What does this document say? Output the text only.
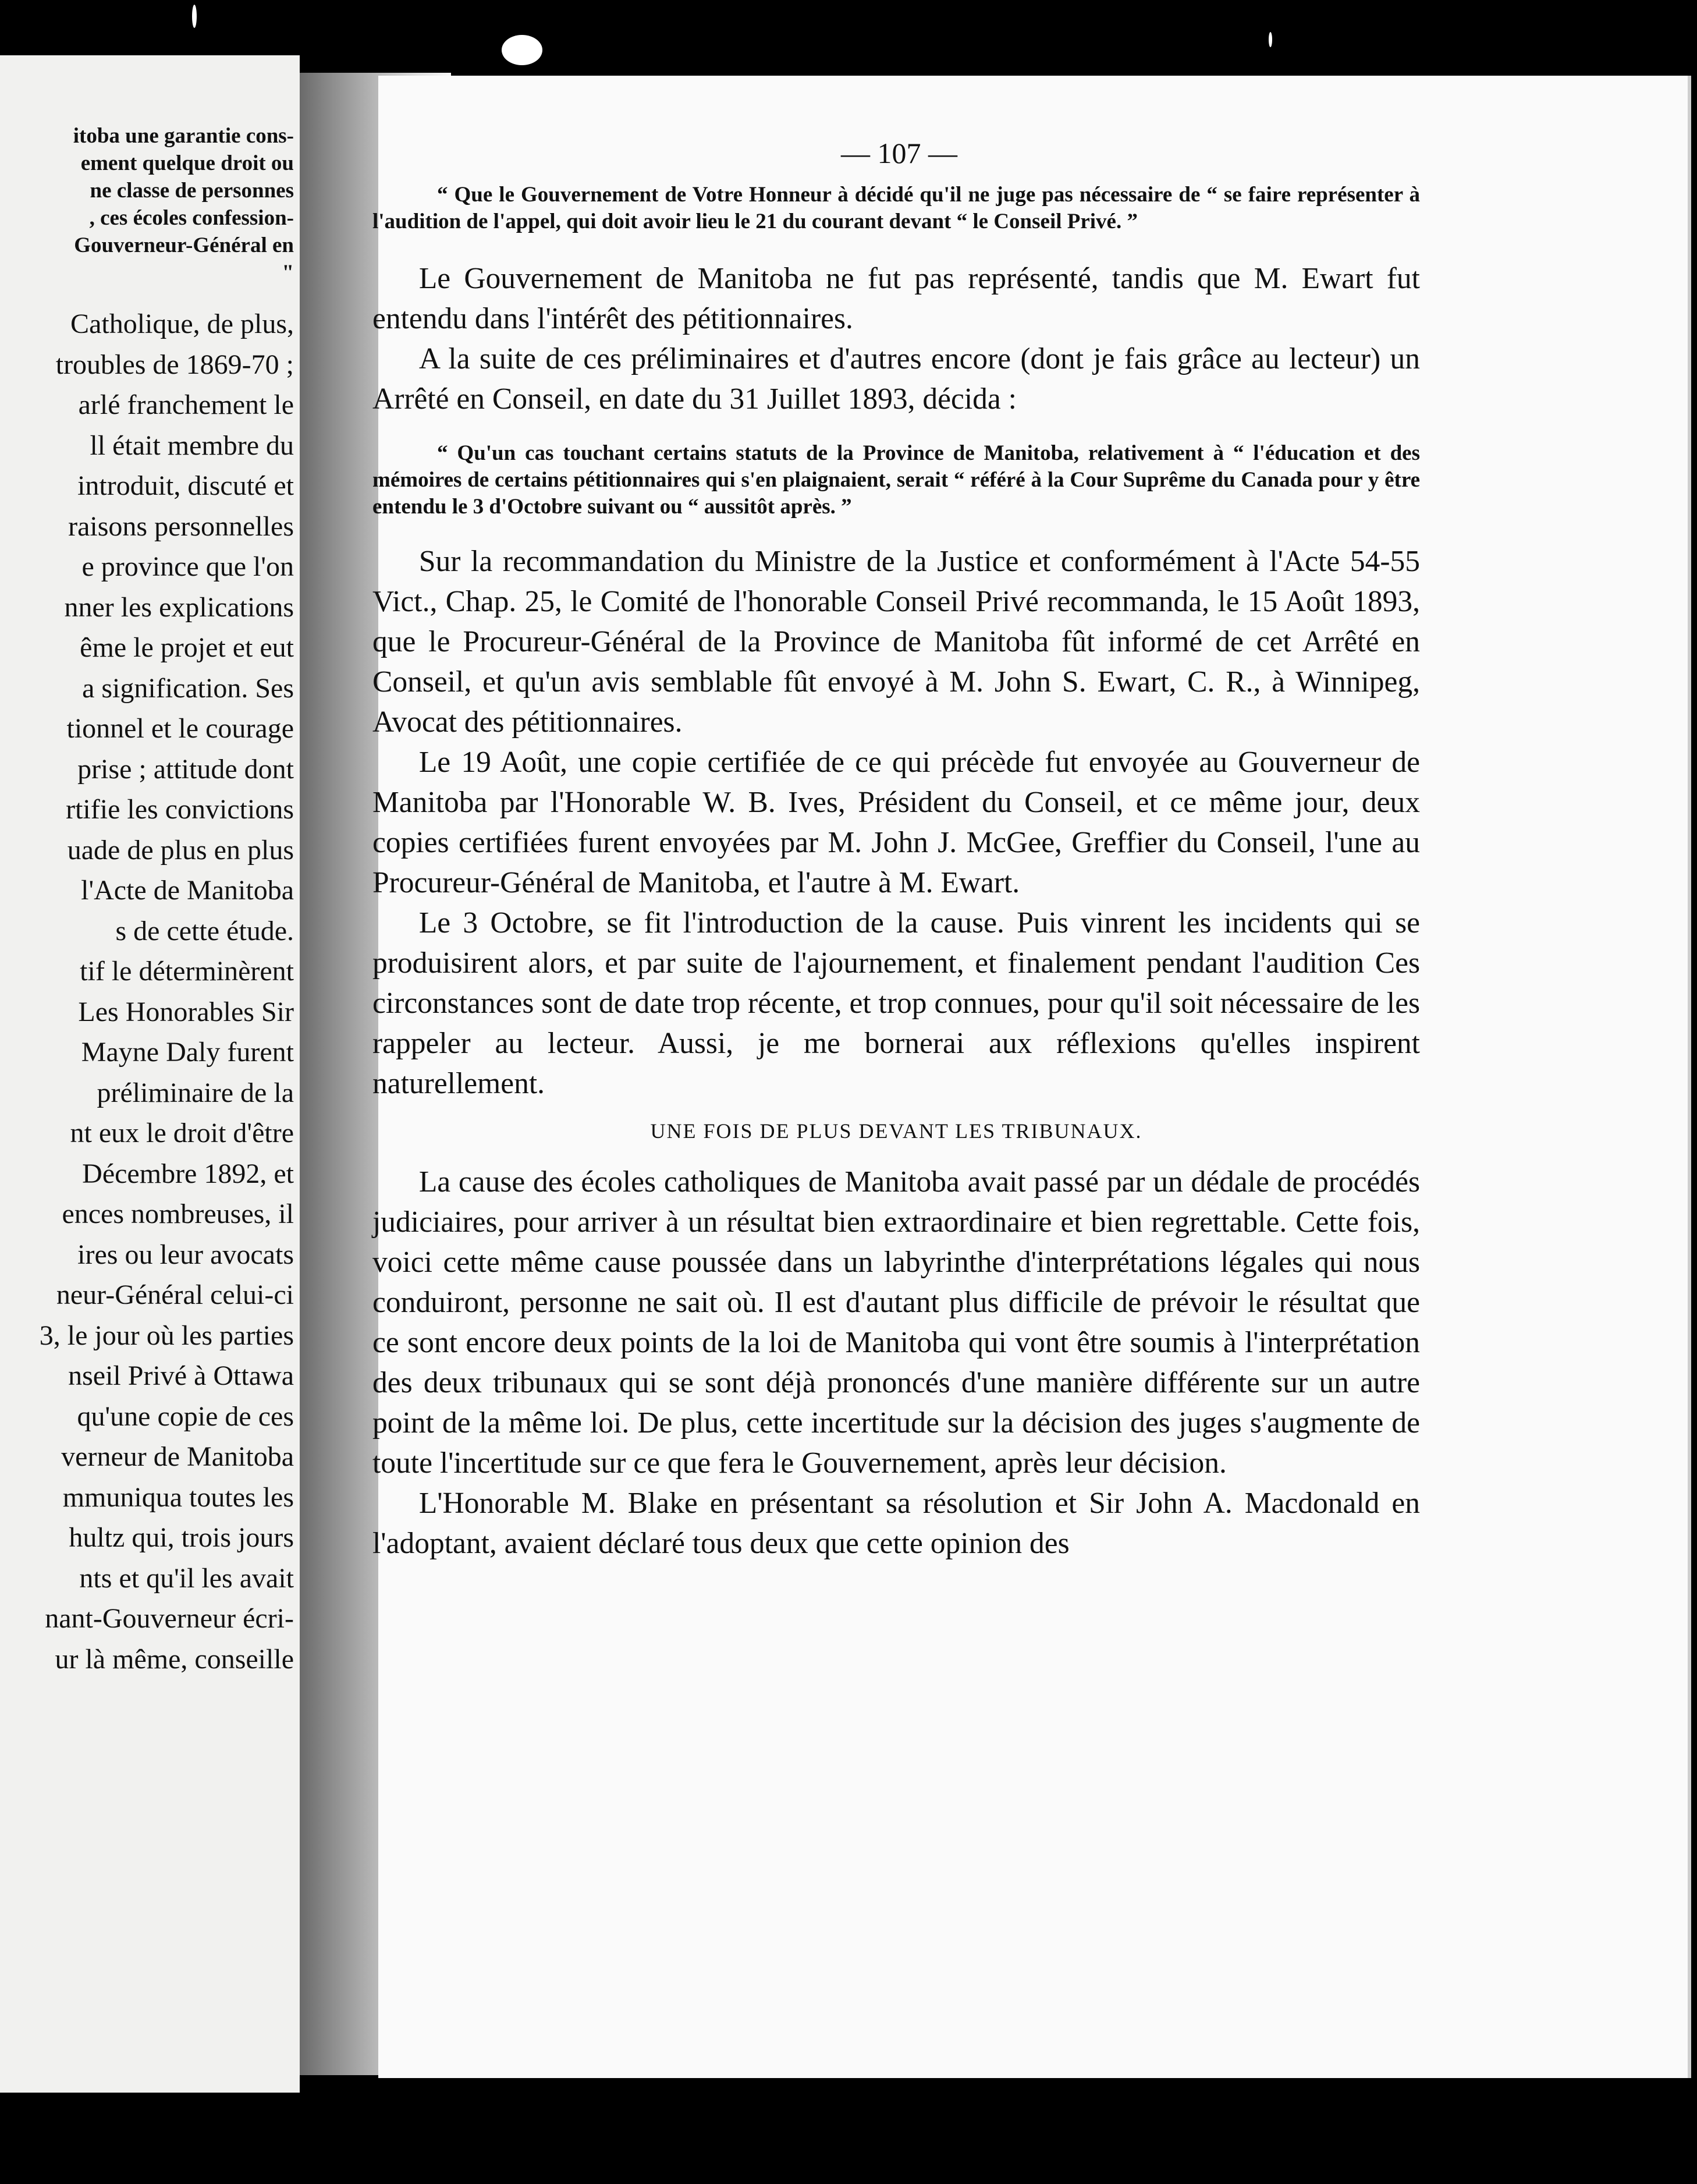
itoba une garantie cons-
ement quelque droit ou
ne classe de personnes
, ces écoles confession-
Gouverneur-Général en
"
Catholique, de plus,
troubles de 1869-70 ;
arlé franchement le
ll était membre du
introduit, discuté et
raisons personnelles
e province que l'on
nner les explications
ême le projet et eut
a signification. Ses
tionnel et le courage
prise ; attitude dont
rtifie les convictions
uade de plus en plus
l'Acte de Manitoba
s de cette étude.
tif le déterminèrent
Les Honorables Sir
Mayne Daly furent
préliminaire de la
nt eux le droit d'être
Décembre 1892, et
ences nombreuses, il
ires ou leur avocats
neur-Général celui-ci
3, le jour où les parties
nseil Privé à Ottawa
qu'une copie de ces
verneur de Manitoba
mmuniqua toutes les
hultz qui, trois jours
nts et qu'il les avait
nant-Gouverneur écri-
ur là même, conseille
— 107 —

“ Que le Gouvernement de Votre Honneur à décidé qu'il ne juge pas nécessaire de “ se faire représenter à l'audition de l'appel, qui doit avoir lieu le 21 du courant devant “ le Conseil Privé. ”

Le Gouvernement de Manitoba ne fut pas représenté, tandis que M. Ewart fut entendu dans l'intérêt des pétitionnaires.

A la suite de ces préliminaires et d'autres encore (dont je fais grâce au lecteur) un Arrêté en Conseil, en date du 31 Juillet 1893, décida :

“ Qu'un cas touchant certains statuts de la Province de Manitoba, relativement à “ l'éducation et des mémoires de certains pétitionnaires qui s'en plaignaient, serait “ référé à la Cour Suprême du Canada pour y être entendu le 3 d'Octobre suivant ou “ aussitôt après. ”

Sur la recommandation du Ministre de la Justice et conformément à l'Acte 54-55 Vict., Chap. 25, le Comité de l'honorable Conseil Privé recommanda, le 15 Août 1893, que le Procureur-Général de la Province de Manitoba fût informé de cet Arrêté en Conseil, et qu'un avis semblable fût envoyé à M. John S. Ewart, C. R., à Winnipeg, Avocat des pétitionnaires.

Le 19 Août, une copie certifiée de ce qui précède fut envoyée au Gouverneur de Manitoba par l'Honorable W. B. Ives, Président du Conseil, et ce même jour, deux copies certifiées furent envoyées par M. John J. McGee, Greffier du Conseil, l'une au Procureur-Général de Manitoba, et l'autre à M. Ewart.

Le 3 Octobre, se fit l'introduction de la cause. Puis vinrent les incidents qui se produisirent alors, et par suite de l'ajournement, et finalement pendant l'audition Ces circonstances sont de date trop récente, et trop connues, pour qu'il soit nécessaire de les rappeler au lecteur. Aussi, je me bornerai aux réflexions qu'elles inspirent naturellement.

UNE FOIS DE PLUS DEVANT LES TRIBUNAUX.

La cause des écoles catholiques de Manitoba avait passé par un dédale de procédés judiciaires, pour arriver à un résultat bien extraordinaire et bien regrettable. Cette fois, voici cette même cause poussée dans un labyrinthe d'interprétations légales qui nous conduiront, personne ne sait où. Il est d'autant plus difficile de prévoir le résultat que ce sont encore deux points de la loi de Manitoba qui vont être soumis à l'interprétation des deux tribunaux qui se sont déjà prononcés d'une manière différente sur un autre point de la même loi. De plus, cette incertitude sur la décision des juges s'augmente de toute l'incertitude sur ce que fera le Gouvernement, après leur décision.

L'Honorable M. Blake en présentant sa résolution et Sir John A. Macdonald en l'adoptant, avaient déclaré tous deux que cette opinion des
